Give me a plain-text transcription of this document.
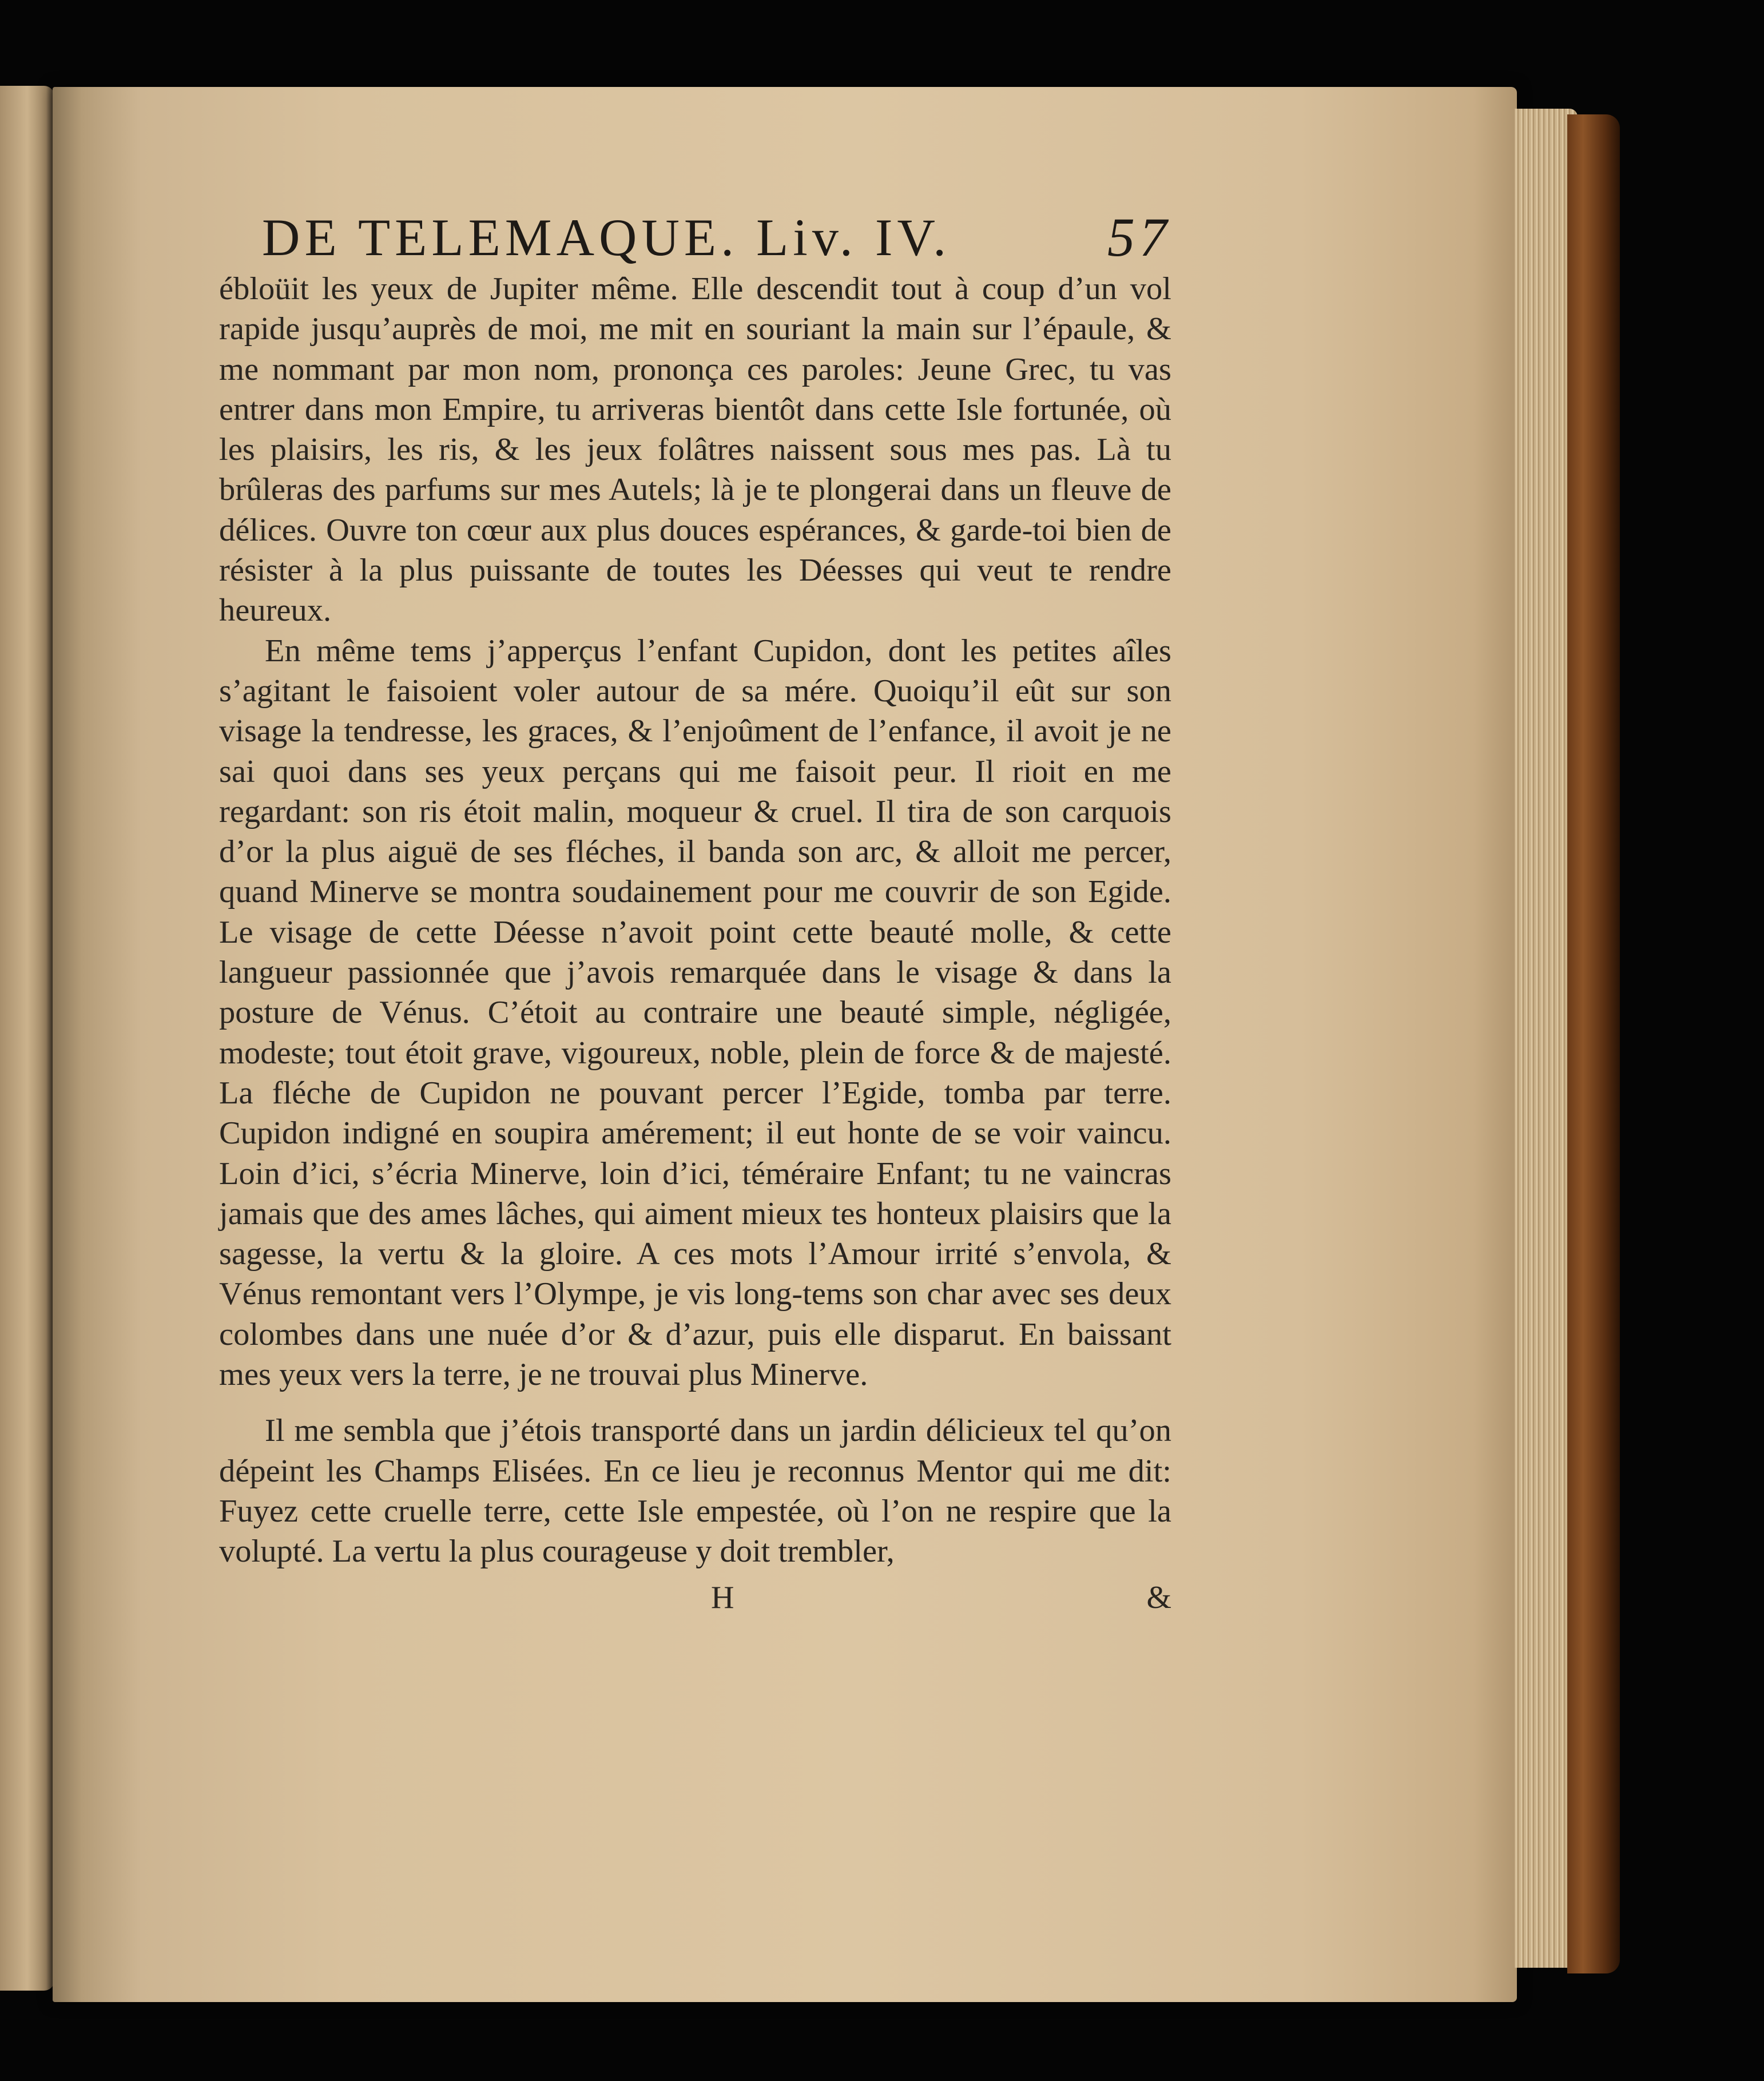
DE TELEMAQUE. Liv. IV.	57

ébloüit les yeux de Jupiter même. Elle descendit tout à coup d’un vol rapide jusqu’auprès de moi, me mit en souriant la main sur l’épaule, & me nommant par mon nom, prononça ces paroles: Jeune Grec, tu vas entrer dans mon Empire, tu arriveras bientôt dans cette Isle fortunée, où les plaisirs, les ris, & les jeux folâtres naissent sous mes pas. Là tu brûleras des parfums sur mes Autels; là je te plongerai dans un fleuve de délices. Ouvre ton cœur aux plus douces espérances, & garde-toi bien de résister à la plus puissante de toutes les Déesses qui veut te rendre heureux.

En même tems j’apperçus l’enfant Cupidon, dont les petites aîles s’agitant le faisoient voler autour de sa mére. Quoiqu’il eût sur son visage la tendresse, les graces, & l’enjoûment de l’enfance, il avoit je ne sai quoi dans ses yeux perçans qui me faisoit peur. Il rioit en me regardant: son ris étoit malin, moqueur & cruel. Il tira de son carquois d’or la plus aiguë de ses fléches, il banda son arc, & alloit me percer, quand Minerve se montra soudainement pour me couvrir de son Egide. Le visage de cette Déesse n’avoit point cette beauté molle, & cette langueur passionnée que j’avois remarquée dans le visage & dans la posture de Vénus. C’étoit au contraire une beauté simple, négligée, modeste; tout étoit grave, vigoureux, noble, plein de force & de majesté. La fléche de Cupidon ne pouvant percer l’Egide, tomba par terre. Cupidon indigné en soupira amérement; il eut honte de se voir vaincu. Loin d’ici, s’écria Minerve, loin d’ici, téméraire Enfant; tu ne vaincras jamais que des ames lâches, qui aiment mieux tes honteux plaisirs que la sagesse, la vertu & la gloire. A ces mots l’Amour irrité s’envola, & Vénus remontant vers l’Olympe, je vis long-tems son char avec ses deux colombes dans une nuée d’or & d’azur, puis elle disparut. En baissant mes yeux vers la terre, je ne trouvai plus Minerve.

Il me sembla que j’étois transporté dans un jardin délicieux tel qu’on dépeint les Champs Elisées. En ce lieu je reconnus Mentor qui me dit: Fuyez cette cruelle terre, cette Isle empestée, où l’on ne respire que la volupté. La vertu la plus courageuse y doit trembler,

H	&
